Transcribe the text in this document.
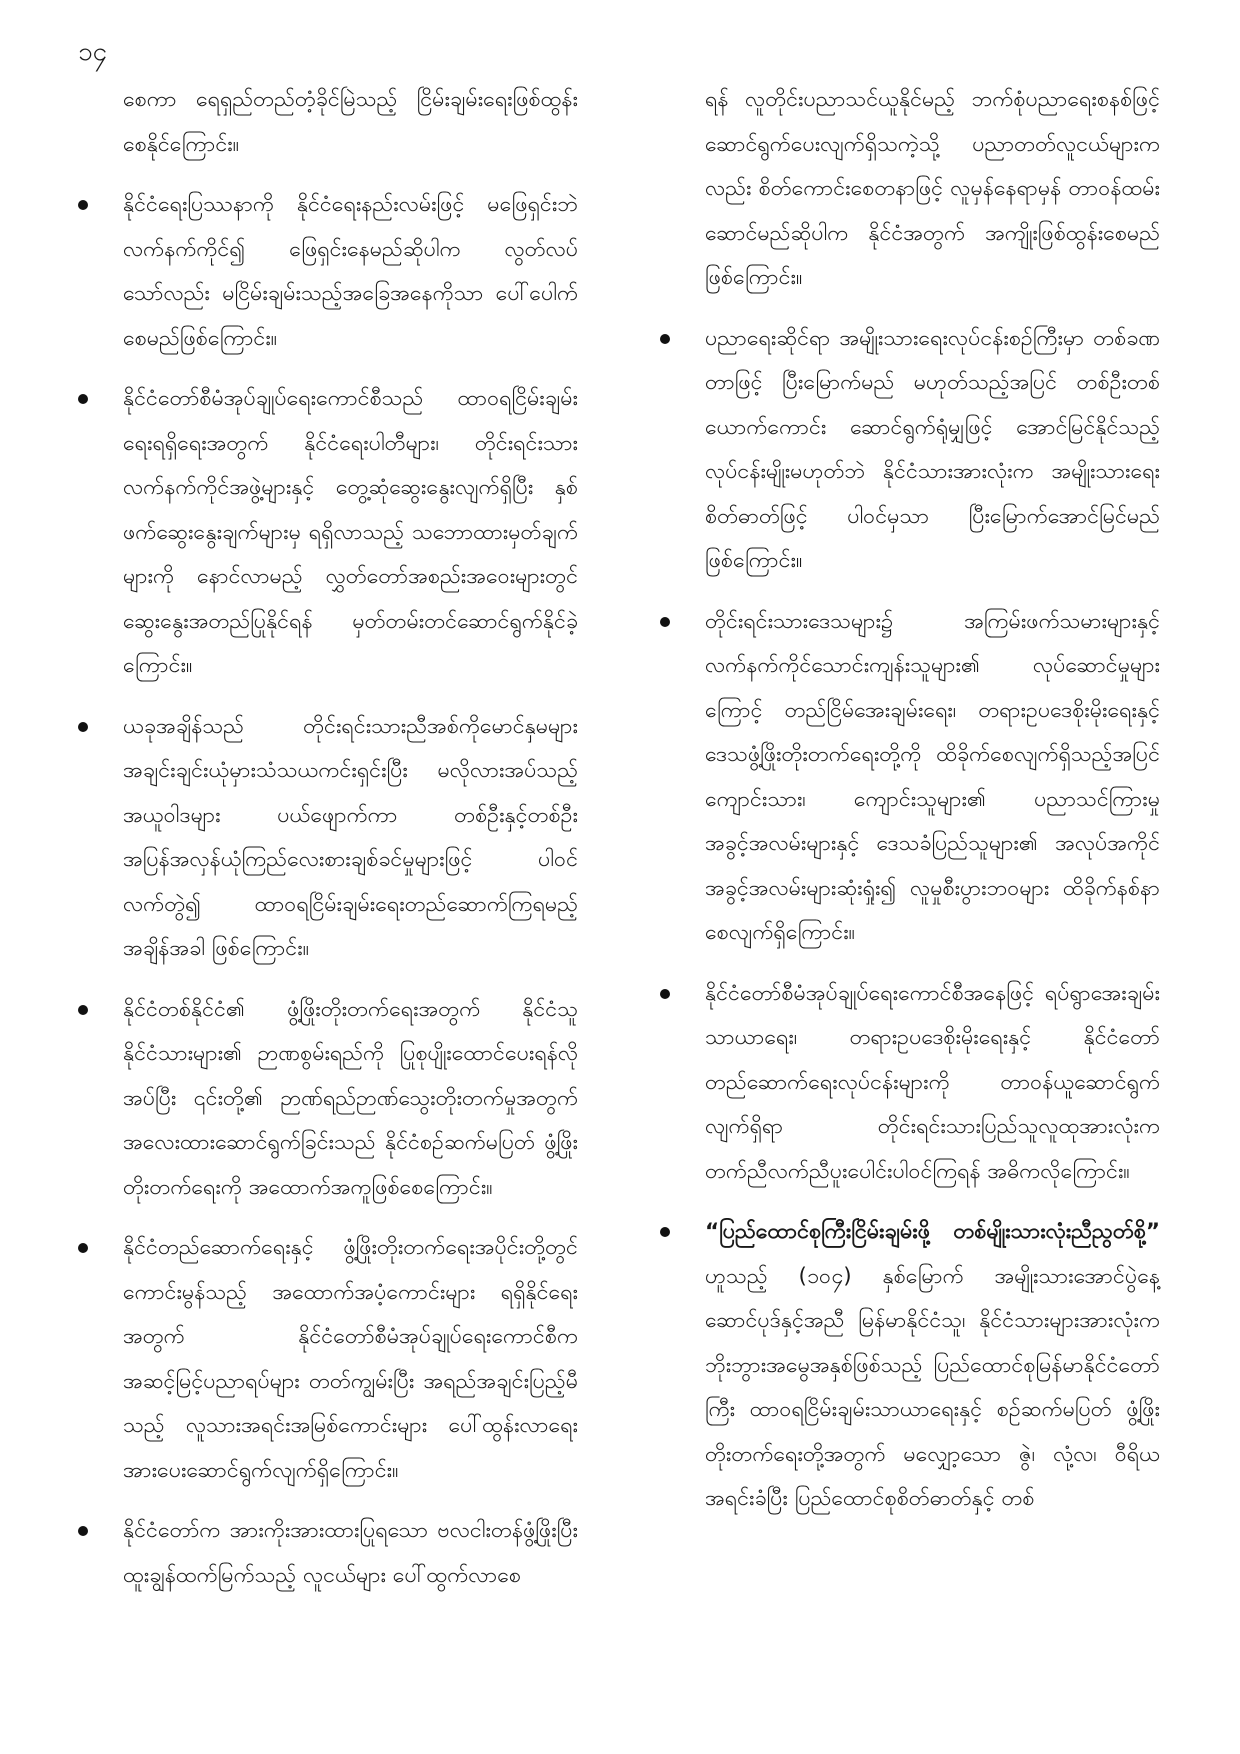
၁၄

စေကာ ရေရှည်တည်တံ့ခိုင်မြဲသည့် ငြိမ်းချမ်းရေးဖြစ်ထွန်း စေနိုင်ကြောင်း။

နိုင်ငံရေးပြဿနာကို နိုင်ငံရေးနည်းလမ်းဖြင့် မဖြေရှင်းဘဲ လက်နက်ကိုင်၍ ဖြေရှင်းနေမည်ဆိုပါက လွတ်လပ်သော်လည်း မငြိမ်းချမ်းသည့်အခြေအနေကိုသာ ပေါ်ပေါက်စေမည်ဖြစ်ကြောင်း။

နိုင်ငံတော်စီမံအုပ်ချုပ်ရေးကောင်စီသည် ထာဝရငြိမ်းချမ်းရေးရရှိရေးအတွက် နိုင်ငံရေးပါတီများ၊ တိုင်းရင်းသားလက်နက်ကိုင်အဖွဲ့များနှင့် တွေ့ဆုံဆွေးနွေးလျက်ရှိပြီး နှစ်ဖက်ဆွေးနွေးချက်များမှ ရရှိလာသည့် သဘောထားမှတ်ချက်များကို နောင်လာမည့် လွှတ်တော်အစည်းအဝေးများတွင် ဆွေးနွေးအတည်ပြုနိုင်ရန် မှတ်တမ်းတင်ဆောင်ရွက်နိုင်ခဲ့ကြောင်း။

ယခုအချိန်သည် တိုင်းရင်းသားညီအစ်ကိုမောင်နှမများ အချင်းချင်းယုံမှားသံသယကင်းရှင်းပြီး မလိုလားအပ်သည့် အယူဝါဒများ ပယ်ဖျောက်ကာ တစ်ဦးနှင့်တစ်ဦး အပြန်အလှန်ယုံကြည်လေးစားချစ်ခင်မှုများဖြင့် ပါဝင်လက်တွဲ၍ ထာဝရငြိမ်းချမ်းရေးတည်ဆောက်ကြရမည့်အချိန်အခါ ဖြစ်ကြောင်း။

နိုင်ငံတစ်နိုင်ငံ၏ ဖွံ့ဖြိုးတိုးတက်ရေးအတွက် နိုင်ငံသူ နိုင်ငံသားများ၏ ဉာဏစွမ်းရည်ကို ပြုစုပျိုးထောင်ပေးရန်လိုအပ်ပြီး ၎င်းတို့၏ ဉာဏ်ရည်ဉာဏ်သွေးတိုးတက်မှုအတွက် အလေးထားဆောင်ရွက်ခြင်းသည် နိုင်ငံစဉ်ဆက်မပြတ် ဖွံ့ဖြိုးတိုးတက်ရေးကို အထောက်အကူဖြစ်စေကြောင်း။

နိုင်ငံတည်ဆောက်ရေးနှင့် ဖွံ့ဖြိုးတိုးတက်ရေးအပိုင်းတို့တွင် ကောင်းမွန်သည့် အထောက်အပံ့ကောင်းများ ရရှိနိုင်ရေးအတွက် နိုင်ငံတော်စီမံအုပ်ချုပ်ရေးကောင်စီက အဆင့်မြင့်ပညာရပ်များ တတ်ကျွမ်းပြီး အရည်အချင်းပြည့်မီသည့် လူသားအရင်းအမြစ်ကောင်းများ ပေါ်ထွန်းလာရေး အားပေးဆောင်ရွက်လျက်ရှိကြောင်း။

နိုင်ငံတော်က အားကိုးအားထားပြုရသော ဗလငါးတန်ဖွံ့ဖြိုးပြီး ထူးချွန်ထက်မြက်သည့် လူငယ်များ ပေါ်ထွက်လာစေ

ရန် လူတိုင်းပညာသင်ယူနိုင်မည့် ဘက်စုံပညာရေးစနစ်ဖြင့် ဆောင်ရွက်ပေးလျက်ရှိသကဲ့သို့ ပညာတတ်လူငယ်များကလည်း စိတ်ကောင်းစေတနာဖြင့် လူမှန်နေရာမှန် တာဝန်ထမ်းဆောင်မည်ဆိုပါက နိုင်ငံအတွက် အကျိုးဖြစ်ထွန်းစေမည်ဖြစ်ကြောင်း။

ပညာရေးဆိုင်ရာ အမျိုးသားရေးလုပ်ငန်းစဉ်ကြီးမှာ တစ်ခဏတာဖြင့် ပြီးမြောက်မည် မဟုတ်သည့်အပြင် တစ်ဦးတစ်ယောက်ကောင်း ဆောင်ရွက်ရုံမျှဖြင့် အောင်မြင်နိုင်သည့် လုပ်ငန်းမျိုးမဟုတ်ဘဲ နိုင်ငံသားအားလုံးက အမျိုးသားရေးစိတ်ဓာတ်ဖြင့် ပါဝင်မှသာ ပြီးမြောက်အောင်မြင်မည်ဖြစ်ကြောင်း။

တိုင်းရင်းသားဒေသများ၌ အကြမ်းဖက်သမားများနှင့် လက်နက်ကိုင်သောင်းကျန်းသူများ၏ လုပ်ဆောင်မှုများကြောင့် တည်ငြိမ်အေးချမ်းရေး၊ တရားဥပဒေစိုးမိုးရေးနှင့် ဒေသဖွံ့ဖြိုးတိုးတက်ရေးတို့ကို ထိခိုက်စေလျက်ရှိသည့်အပြင် ကျောင်းသား၊ ကျောင်းသူများ၏ ပညာသင်ကြားမှု အခွင့်အလမ်းများနှင့် ဒေသခံပြည်သူများ၏ အလုပ်အကိုင်အခွင့်အလမ်းများဆုံးရှုံး၍ လူမှုစီးပွားဘဝများ ထိခိုက်နစ်နာစေလျက်ရှိကြောင်း။

နိုင်ငံတော်စီမံအုပ်ချုပ်ရေးကောင်စီအနေဖြင့် ရပ်ရွာအေးချမ်းသာယာရေး၊ တရားဥပဒေစိုးမိုးရေးနှင့် နိုင်ငံတော်တည်ဆောက်ရေးလုပ်ငန်းများကို တာဝန်ယူဆောင်ရွက်လျက်ရှိရာ တိုင်းရင်းသားပြည်သူလူထုအားလုံးက တက်ညီလက်ညီပူးပေါင်းပါဝင်ကြရန် အဓိကလိုကြောင်း။

“ပြည်ထောင်စုကြီးငြိမ်းချမ်းဖို့ တစ်မျိုးသားလုံးညီညွတ်စို့” ဟူသည့် (၁၀၄) နှစ်မြောက် အမျိုးသားအောင်ပွဲနေ့ ဆောင်ပုဒ်နှင့်အညီ မြန်မာနိုင်ငံသူ၊ နိုင်ငံသားများအားလုံးက ဘိုးဘွားအမွေအနှစ်ဖြစ်သည့် ပြည်ထောင်စုမြန်မာနိုင်ငံတော်ကြီး ထာဝရငြိမ်းချမ်းသာယာရေးနှင့် စဉ်ဆက်မပြတ် ဖွံ့ဖြိုးတိုးတက်ရေးတို့အတွက် မလျှော့သော ဇွဲ၊ လုံ့လ၊ ဝီရိယ အရင်းခံပြီး ပြည်ထောင်စုစိတ်ဓာတ်နှင့် တစ်
